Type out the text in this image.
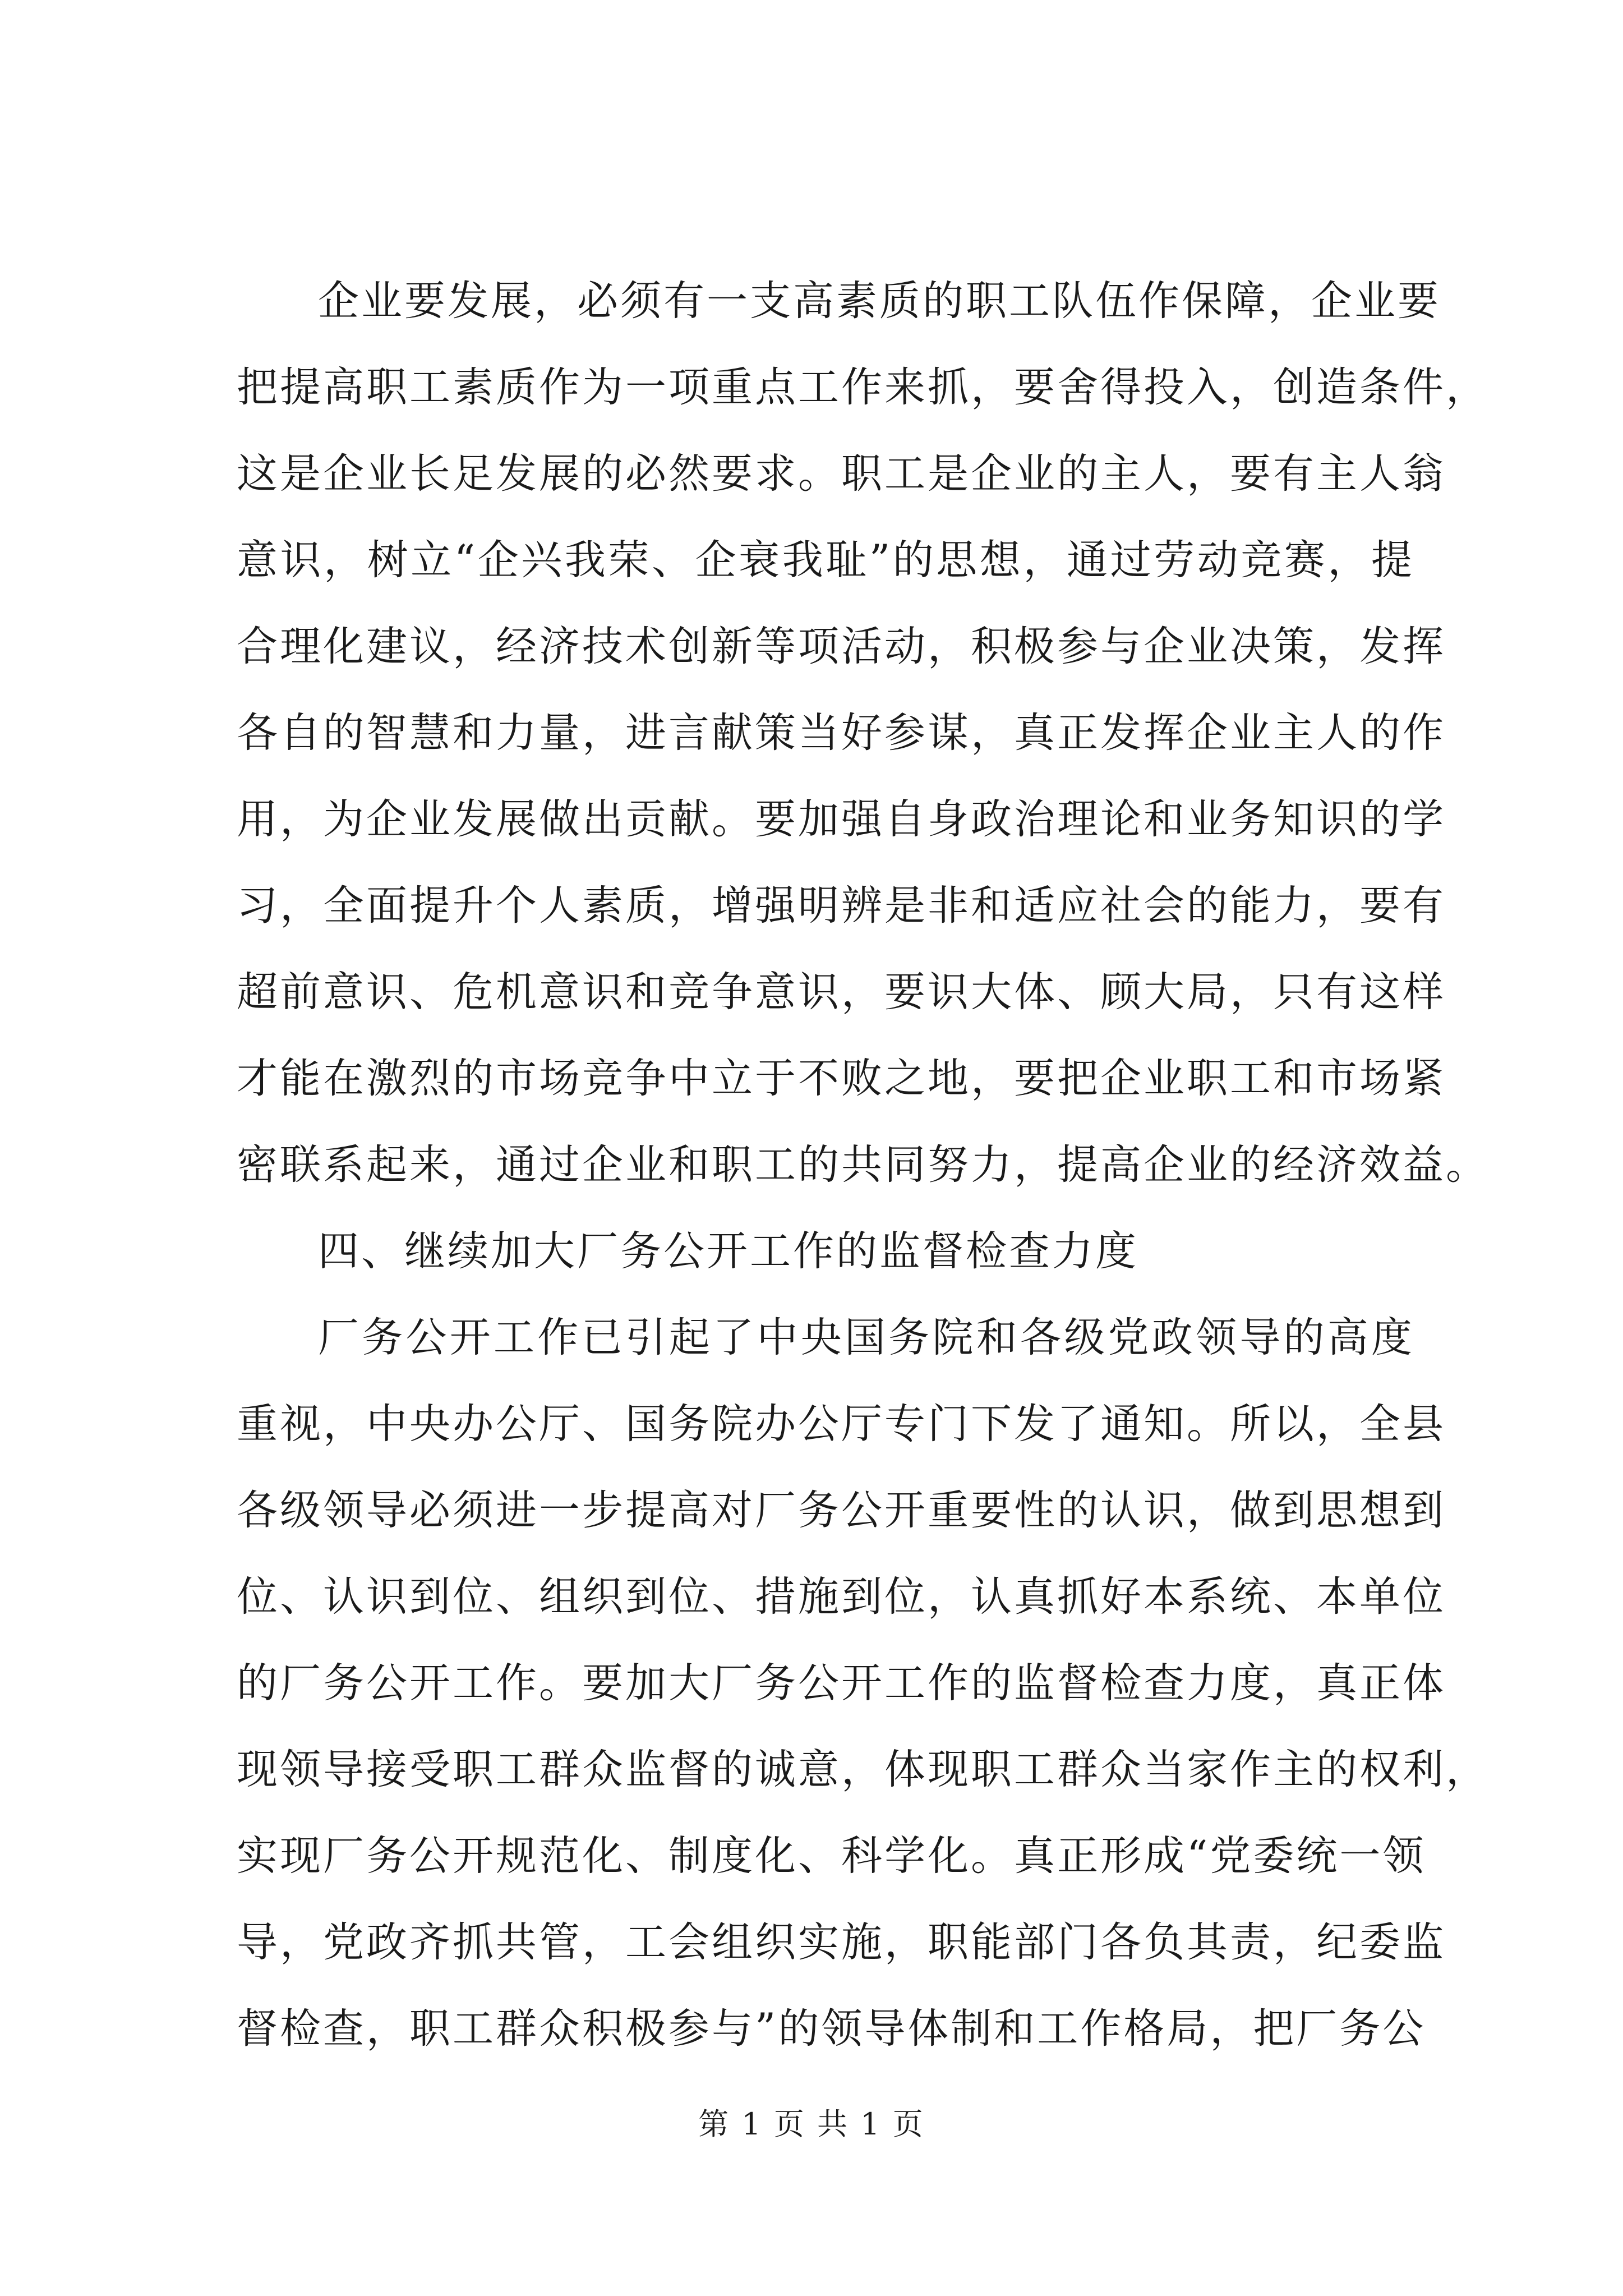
企业要发展，必须有一支高素质的职工队伍作保障，企业要
把提高职工素质作为一项重点工作来抓，要舍得投入，创造条件，
这是企业长足发展的必然要求。职工是企业的主人，要有主人翁
意识，树立“企兴我荣、企衰我耻”的思想，通过劳动竞赛，提
合理化建议，经济技术创新等项活动，积极参与企业决策，发挥
各自的智慧和力量，进言献策当好参谋，真正发挥企业主人的作
用，为企业发展做出贡献。要加强自身政治理论和业务知识的学
习，全面提升个人素质，增强明辨是非和适应社会的能力，要有
超前意识、危机意识和竞争意识，要识大体、顾大局，只有这样
才能在激烈的市场竞争中立于不败之地，要把企业职工和市场紧
密联系起来，通过企业和职工的共同努力，提高企业的经济效益。
四、继续加大厂务公开工作的监督检查力度
厂务公开工作已引起了中央国务院和各级党政领导的高度
重视，中央办公厅、国务院办公厅专门下发了通知。所以，全县
各级领导必须进一步提高对厂务公开重要性的认识，做到思想到
位、认识到位、组织到位、措施到位，认真抓好本系统、本单位
的厂务公开工作。要加大厂务公开工作的监督检查力度，真正体
现领导接受职工群众监督的诚意，体现职工群众当家作主的权利，
实现厂务公开规范化、制度化、科学化。真正形成“党委统一领
导，党政齐抓共管，工会组织实施，职能部门各负其责，纪委监
督检查，职工群众积极参与”的领导体制和工作格局，把厂务公
第 1 页 共 1 页
